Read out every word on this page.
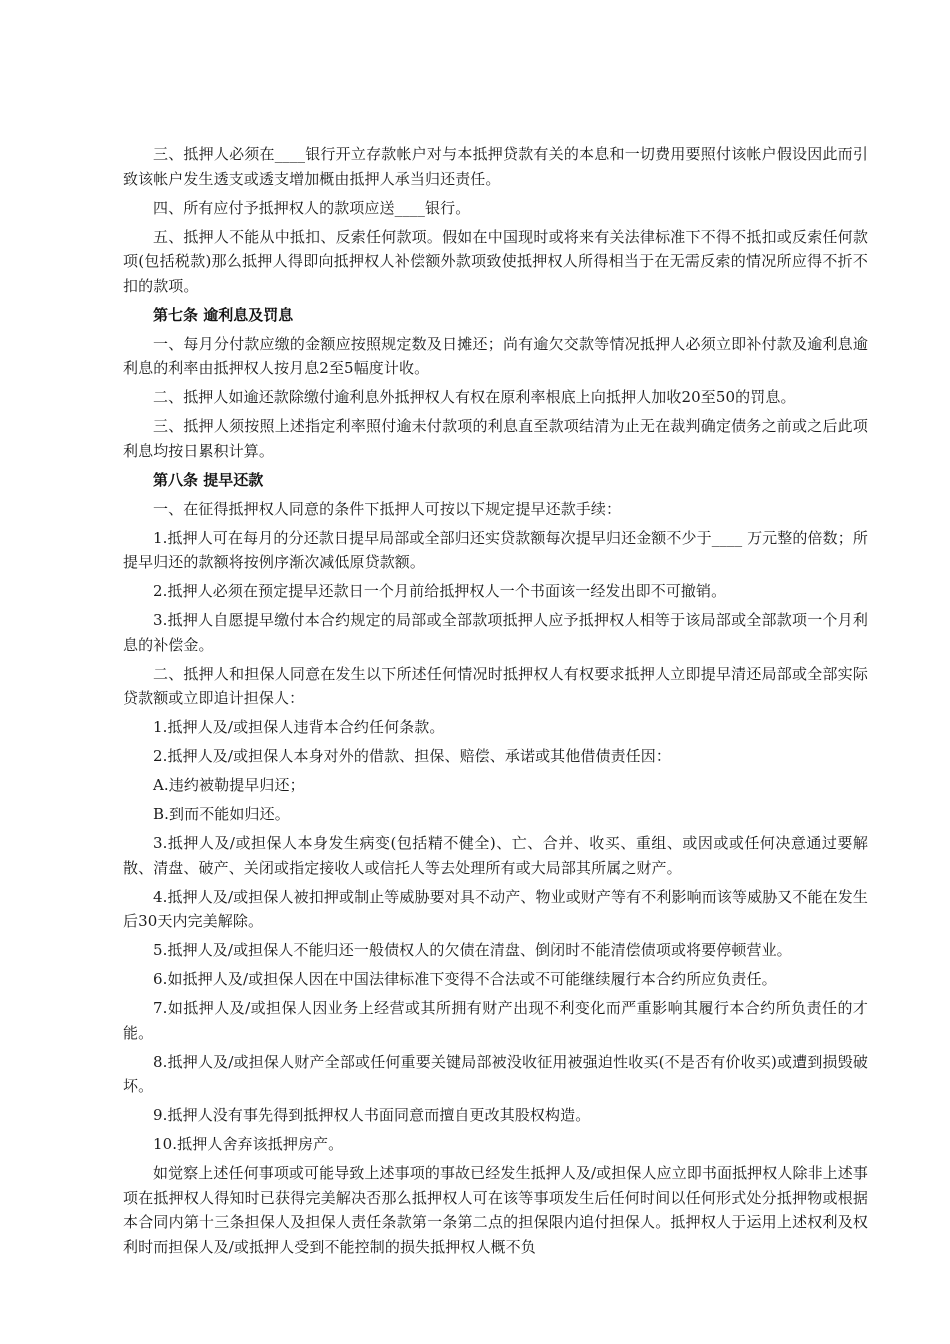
三、抵押人必须在____银行开立存款帐户对与本抵押贷款有关的本息和一切费用要照付该帐户假设因此而引致该帐户发生透支或透支增加概由抵押人承当归还责任。

四、所有应付予抵押权人的款项应送____银行。

五、抵押人不能从中抵扣、反索任何款项。假如在中国现时或将来有关法律标准下不得不抵扣或反索任何款项(包括税款)那么抵押人得即向抵押权人补偿额外款项致使抵押权人所得相当于在无需反索的情况所应得不折不扣的款项。

第七条 逾利息及罚息

一、每月分付款应缴的金额应按照规定数及日摊还；尚有逾欠交款等情况抵押人必须立即补付款及逾利息逾利息的利率由抵押权人按月息2至5幅度计收。

二、抵押人如逾还款除缴付逾利息外抵押权人有权在原利率根底上向抵押人加收20至50的罚息。

三、抵押人须按照上述指定利率照付逾未付款项的利息直至款项结清为止无在裁判确定债务之前或之后此项利息均按日累积计算。

第八条 提早还款

一、在征得抵押权人同意的条件下抵押人可按以下规定提早还款手续：

1.抵押人可在每月的分还款日提早局部或全部归还实贷款额每次提早归还金额不少于____ 万元整的倍数；所提早归还的款额将按例序渐次减低原贷款额。

2.抵押人必须在预定提早还款日一个月前给抵押权人一个书面该一经发出即不可撤销。

3.抵押人自愿提早缴付本合约规定的局部或全部款项抵押人应予抵押权人相等于该局部或全部款项一个月利息的补偿金。

二、抵押人和担保人同意在发生以下所述任何情况时抵押权人有权要求抵押人立即提早清还局部或全部实际贷款额或立即追计担保人：

1.抵押人及/或担保人违背本合约任何条款。

2.抵押人及/或担保人本身对外的借款、担保、赔偿、承诺或其他借债责任因：

A.违约被勒提早归还；

B.到而不能如归还。

3.抵押人及/或担保人本身发生病变(包括精不健全)、亡、合并、收买、重组、或因或或任何决意通过要解散、清盘、破产、关闭或指定接收人或信托人等去处理所有或大局部其所属之财产。

4.抵押人及/或担保人被扣押或制止等威胁要对具不动产、物业或财产等有不利影响而该等威胁又不能在发生后30天内完美解除。

5.抵押人及/或担保人不能归还一般债权人的欠债在清盘、倒闭时不能清偿债项或将要停顿营业。

6.如抵押人及/或担保人因在中国法律标准下变得不合法或不可能继续履行本合约所应负责任。

7.如抵押人及/或担保人因业务上经营或其所拥有财产出现不利变化而严重影响其履行本合约所负责任的才能。

8.抵押人及/或担保人财产全部或任何重要关键局部被没收征用被强迫性收买(不是否有价收买)或遭到损毁破坏。

9.抵押人没有事先得到抵押权人书面同意而擅自更改其股权构造。

10.抵押人舍弃该抵押房产。

如觉察上述任何事项或可能导致上述事项的事故已经发生抵押人及/或担保人应立即书面抵押权人除非上述事项在抵押权人得知时已获得完美解决否那么抵押权人可在该等事项发生后任何时间以任何形式处分抵押物或根据本合同内第十三条担保人及担保人责任条款第一条第二点的担保限内追付担保人。抵押权人于运用上述权利及权利时而担保人及/或抵押人受到不能控制的损失抵押权人概不负
